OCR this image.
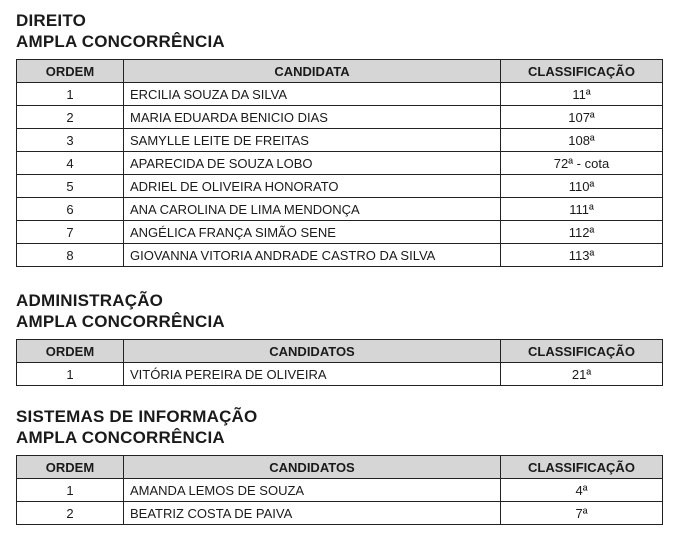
DIREITO

AMPLA CONCORRÊNCIA

ORDEM	CANDIDATA	CLASSIFICAÇÃO
1	ERCILIA SOUZA DA SILVA	11ª
2	MARIA EDUARDA BENICIO DIAS	107ª
3	SAMYLLE LEITE DE FREITAS	108ª
4	APARECIDA DE SOUZA LOBO	72ª - cota
5	ADRIEL DE OLIVEIRA HONORATO	110ª
6	ANA CAROLINA DE LIMA MENDONÇA	111ª
7	ANGÉLICA FRANÇA SIMÃO SENE	112ª
8	GIOVANNA VITORIA ANDRADE CASTRO DA SILVA	113ª

ADMINISTRAÇÃO

AMPLA CONCORRÊNCIA

ORDEM	CANDIDATOS	CLASSIFICAÇÃO
1	VITÓRIA PEREIRA DE OLIVEIRA	21ª

SISTEMAS DE INFORMAÇÃO

AMPLA CONCORRÊNCIA

ORDEM	CANDIDATOS	CLASSIFICAÇÃO
1	AMANDA LEMOS DE SOUZA	4ª
2	BEATRIZ COSTA DE PAIVA	7ª
